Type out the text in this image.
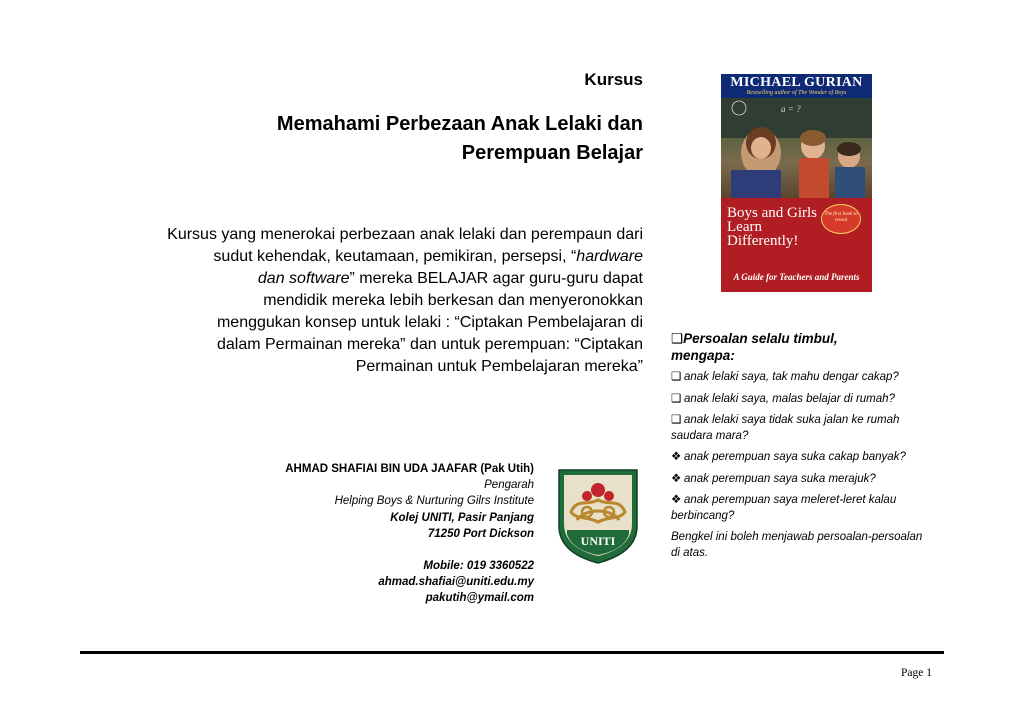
Kursus
Memahami Perbezaan Anak Lelaki dan
Perempuan Belajar
Kursus yang menerokai perbezaan anak lelaki dan perempaun dari
sudut kehendak, keutamaan, pemikiran, persepsi, “hardware
dan software” mereka BELAJAR agar guru-guru dapat
mendidik mereka lebih berkesan dan menyeronokkan
menggukan konsep untuk lelaki : “Ciptakan Pembelajaran di
dalam Permainan mereka” dan untuk perempuan: “Ciptakan
Permainan untuk Pembelajaran mereka”
AHMAD SHAFIAI BIN UDA JAAFAR (Pak Utih)
Pengarah
Helping Boys & Nurturing Gilrs Institute
Kolej UNITI, Pasir Panjang
71250 Port Dickson
Mobile: 019 3360522
ahmad.shafiai@uniti.edu.my
pakutih@ymail.com
UNITI
MICHAEL GURIAN
Bestselling author of The Wonder of Boys
a = ?
Boys and Girls
Learn
Differently!
The first book to reveal
A Guide for Teachers and Parents
❑Persoalan selalu timbul,
mengapa:
❑ anak lelaki saya, tak mahu dengar cakap?
❑ anak lelaki saya, malas belajar di rumah?
❑ anak lelaki saya tidak suka jalan ke rumah saudara mara?
❖ anak perempuan saya suka cakap banyak?
❖ anak perempuan saya suka merajuk?
❖ anak perempuan saya meleret-leret kalau berbincang?
Bengkel ini boleh menjawab persoalan-persoalan di atas.
Page 1
